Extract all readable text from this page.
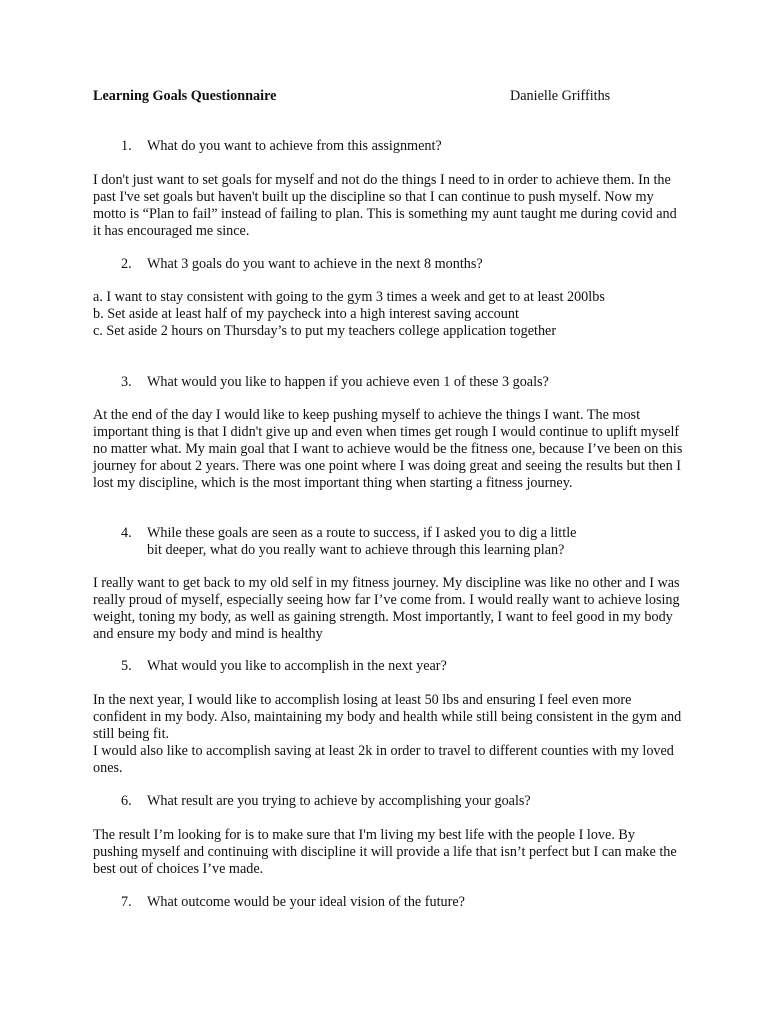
Learning Goals Questionnaire	Danielle Griffiths
1.	What do you want to achieve from this assignment?

I don't just want to set goals for myself and not do the things I need to in order to achieve them. In the past I've set goals but haven't built up the discipline so that I can continue to push myself. Now my motto is “Plan to fail” instead of failing to plan. This is something my aunt taught me during covid and it has encouraged me since.

2.	What 3 goals do you want to achieve in the next 8 months?
a. I want to stay consistent with going to the gym 3 times a week and get to at least 200lbs
b. Set aside at least half of my paycheck into a high interest saving account
c. Set aside 2 hours on Thursday’s to put my teachers college application together
3.	What would you like to happen if you achieve even 1 of these 3 goals?

At the end of the day I would like to keep pushing myself to achieve the things I want. The most important thing is that I didn't give up and even when times get rough I would continue to uplift myself no matter what. My main goal that I want to achieve would be the fitness one, because I’ve been on this journey for about 2 years. There was one point where I was doing great and seeing the results but then I lost my discipline, which is the most important thing when starting a fitness journey.

4.	While these goals are seen as a route to success, if I asked you to dig a little bit deeper, what do you really want to achieve through this learning plan?

I really want to get back to my old self in my fitness journey. My discipline was like no other and I was really proud of myself, especially seeing how far I’ve come from. I would really want to achieve losing weight, toning my body, as well as gaining strength. Most importantly, I want to feel good in my body and ensure my body and mind is healthy

5.	What would you like to accomplish in the next year?

In the next year, I would like to accomplish losing at least 50 lbs and ensuring I feel even more confident in my body. Also, maintaining my body and health while still being consistent in the gym and still being fit.

I would also like to accomplish saving at least 2k in order to travel to different counties with my loved ones.

6.	What result are you trying to achieve by accomplishing your goals?

The result I’m looking for is to make sure that I'm living my best life with the people I love. By pushing myself and continuing with discipline it will provide a life that isn’t perfect but I can make the best out of choices I’ve made.

7.	What outcome would be your ideal vision of the future?
